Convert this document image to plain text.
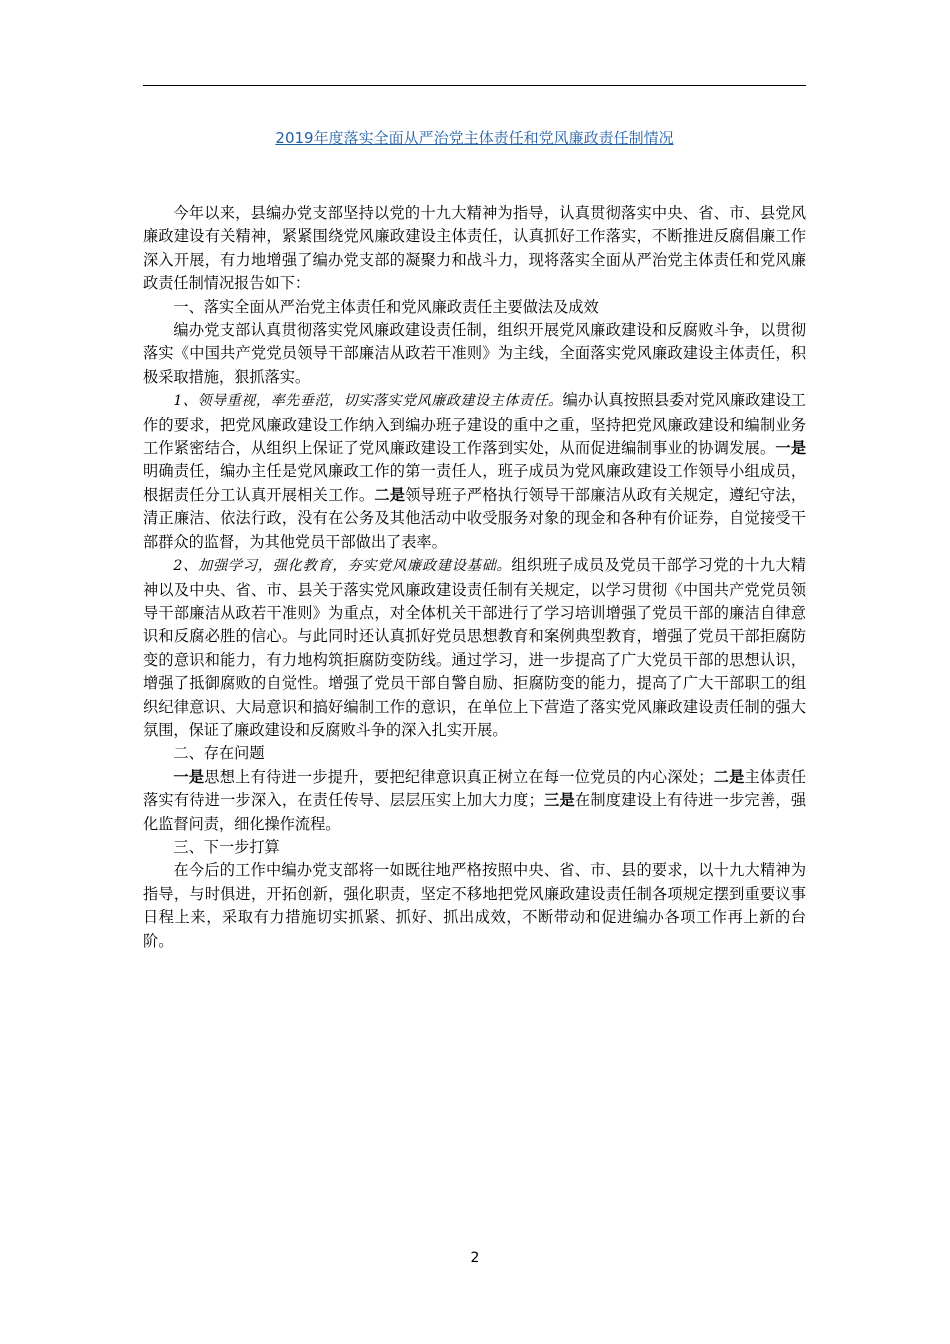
2019年度落实全面从严治党主体责任和党风廉政责任制情况

今年以来，县编办党支部坚持以党的十九大精神为指导，认真贯彻落实中央、省、市、县党风廉政建设有关精神，紧紧围绕党风廉政建设主体责任，认真抓好工作落实，不断推进反腐倡廉工作深入开展，有力地增强了编办党支部的凝聚力和战斗力，现将落实全面从严治党主体责任和党风廉政责任制情况报告如下：

一、落实全面从严治党主体责任和党风廉政责任主要做法及成效

编办党支部认真贯彻落实党风廉政建设责任制，组织开展党风廉政建设和反腐败斗争，以贯彻落实《中国共产党党员领导干部廉洁从政若干准则》为主线，全面落实党风廉政建设主体责任，积极采取措施，狠抓落实。

1、领导重视，率先垂范，切实落实党风廉政建设主体责任。编办认真按照县委对党风廉政建设工作的要求，把党风廉政建设工作纳入到编办班子建设的重中之重，坚持把党风廉政建设和编制业务工作紧密结合，从组织上保证了党风廉政建设工作落到实处，从而促进编制事业的协调发展。一是明确责任，编办主任是党风廉政工作的第一责任人，班子成员为党风廉政建设工作领导小组成员，根据责任分工认真开展相关工作。二是领导班子严格执行领导干部廉洁从政有关规定，遵纪守法，清正廉洁、依法行政，没有在公务及其他活动中收受服务对象的现金和各种有价证券，自觉接受干部群众的监督，为其他党员干部做出了表率。

2、加强学习，强化教育，夯实党风廉政建设基础。组织班子成员及党员干部学习党的十九大精神以及中央、省、市、县关于落实党风廉政建设责任制有关规定，以学习贯彻《中国共产党党员领导干部廉洁从政若干准则》为重点，对全体机关干部进行了学习培训增强了党员干部的廉洁自律意识和反腐必胜的信心。与此同时还认真抓好党员思想教育和案例典型教育，增强了党员干部拒腐防变的意识和能力，有力地构筑拒腐防变防线。通过学习，进一步提高了广大党员干部的思想认识，增强了抵御腐败的自觉性。增强了党员干部自警自励、拒腐防变的能力，提高了广大干部职工的组织纪律意识、大局意识和搞好编制工作的意识，在单位上下营造了落实党风廉政建设责任制的强大氛围，保证了廉政建设和反腐败斗争的深入扎实开展。

二、存在问题

一是思想上有待进一步提升，要把纪律意识真正树立在每一位党员的内心深处；二是主体责任落实有待进一步深入，在责任传导、层层压实上加大力度；三是在制度建设上有待进一步完善，强化监督问责，细化操作流程。

三、下一步打算

在今后的工作中编办党支部将一如既往地严格按照中央、省、市、县的要求，以十九大精神为指导，与时俱进，开拓创新，强化职责，坚定不移地把党风廉政建设责任制各项规定摆到重要议事日程上来，采取有力措施切实抓紧、抓好、抓出成效，不断带动和促进编办各项工作再上新的台阶。

2
